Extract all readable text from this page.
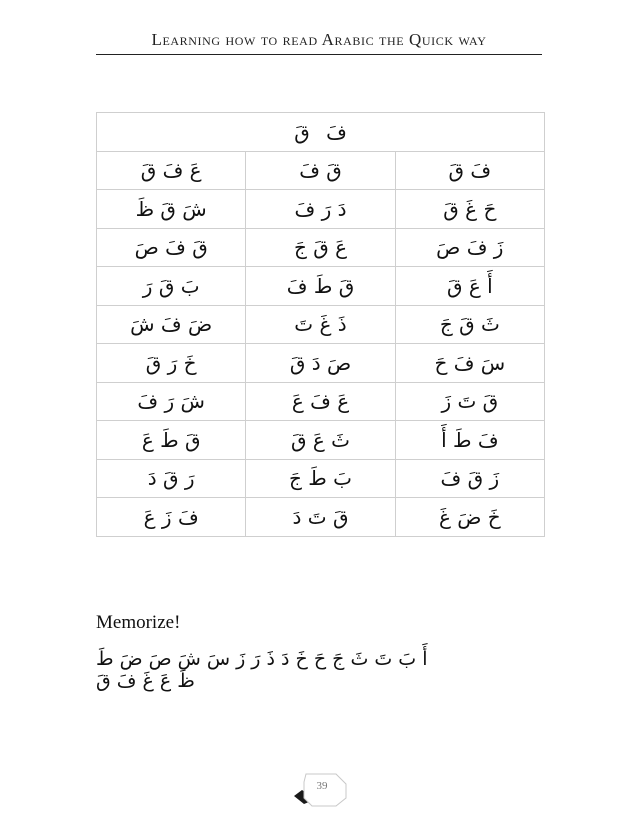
Learning how to read Arabic the Quick way
فَ قَ		
عَ فَ قَ	قَ فَ	فَ قَ
شَ قَ ظَ	دَ رَ فَ	حَ غَ قَ
قَ فَ صَ	عَ قَ جَ	زَ فَ صَ
بَ قَ رَ	قَ طَ فَ	أَ عَ قَ
ضَ فَ شَ	ذَ غَ تَ	ثَ قَ جَ
خَ رَ قَ	صَ دَ قَ	سَ فَ حَ
شَ رَ فَ	عَ فَ عَ	قَ تَ زَ
قَ طَ عَ	ثَ عَ قَ	فَ طَ أَ
رَ قَ دَ	بَ طَ جَ	زَ قَ فَ
فَ زَ عَ	قَ تَ دَ	خَ ضَ غَ
Memorize!
أَ بَ تَ ثَ جَ حَ خَ دَ ذَ رَ زَ سَ شَ صَ ضَ طَ ظَ عَ غَ فَ قَ
39
